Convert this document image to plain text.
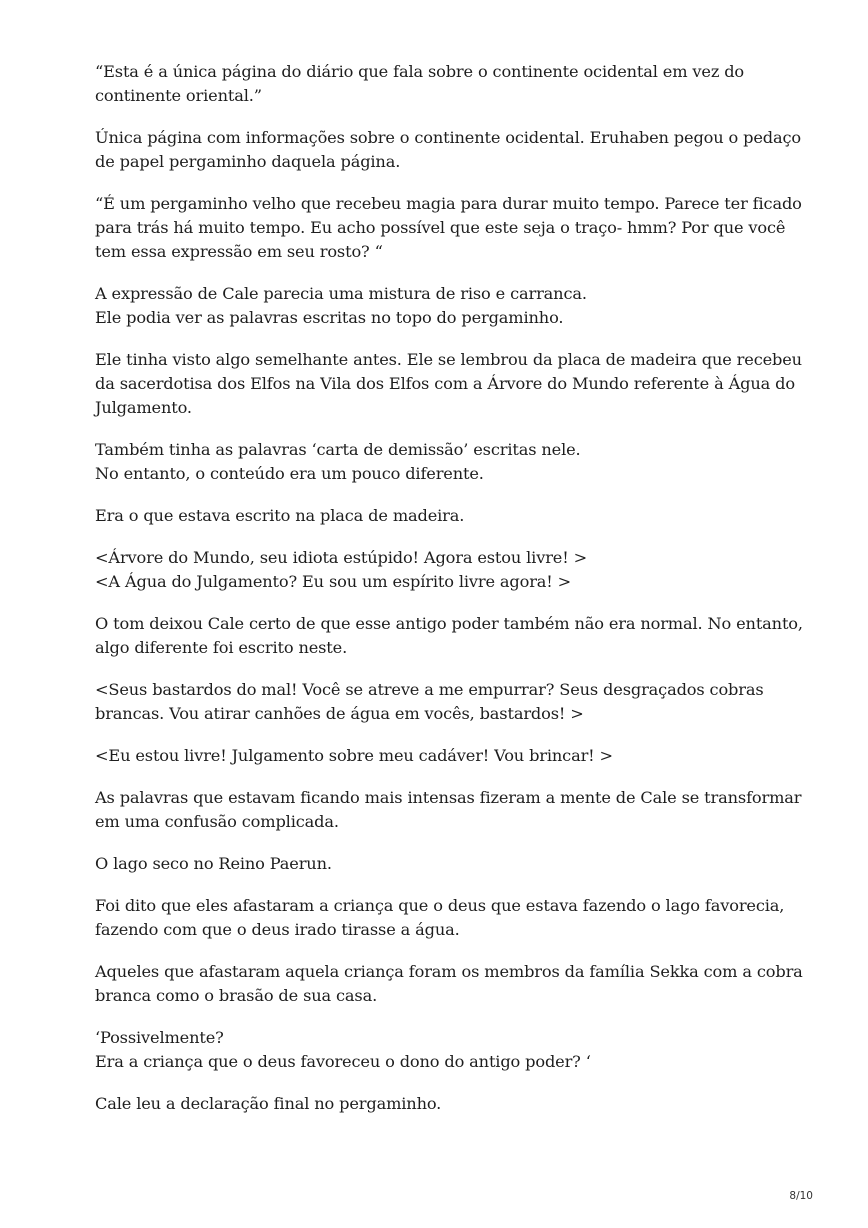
“Esta é a única página do diário que fala sobre o continente ocidental em vez do
continente oriental.”

Única página com informações sobre o continente ocidental. Eruhaben pegou o pedaço
de papel pergaminho daquela página.

“É um pergaminho velho que recebeu magia para durar muito tempo. Parece ter ficado
para trás há muito tempo. Eu acho possível que este seja o traço- hmm? Por que você
tem essa expressão em seu rosto? “

A expressão de Cale parecia uma mistura de riso e carranca.
Ele podia ver as palavras escritas no topo do pergaminho.

Ele tinha visto algo semelhante antes. Ele se lembrou da placa de madeira que recebeu
da sacerdotisa dos Elfos na Vila dos Elfos com a Árvore do Mundo referente à Água do
Julgamento.

Também tinha as palavras ‘carta de demissão’ escritas nele.
No entanto, o conteúdo era um pouco diferente.

Era o que estava escrito na placa de madeira.

<Árvore do Mundo, seu idiota estúpido! Agora estou livre! >
<A Água do Julgamento? Eu sou um espírito livre agora! >

O tom deixou Cale certo de que esse antigo poder também não era normal. No entanto,
algo diferente foi escrito neste.

<Seus bastardos do mal! Você se atreve a me empurrar? Seus desgraçados cobras
brancas. Vou atirar canhões de água em vocês, bastardos! >

<Eu estou livre! Julgamento sobre meu cadáver! Vou brincar! >

As palavras que estavam ficando mais intensas fizeram a mente de Cale se transformar
em uma confusão complicada.

O lago seco no Reino Paerun.

Foi dito que eles afastaram a criança que o deus que estava fazendo o lago favorecia,
fazendo com que o deus irado tirasse a água.

Aqueles que afastaram aquela criança foram os membros da família Sekka com a cobra
branca como o brasão de sua casa.

‘Possivelmente?
Era a criança que o deus favoreceu o dono do antigo poder? ‘

Cale leu a declaração final no pergaminho.

8/10
